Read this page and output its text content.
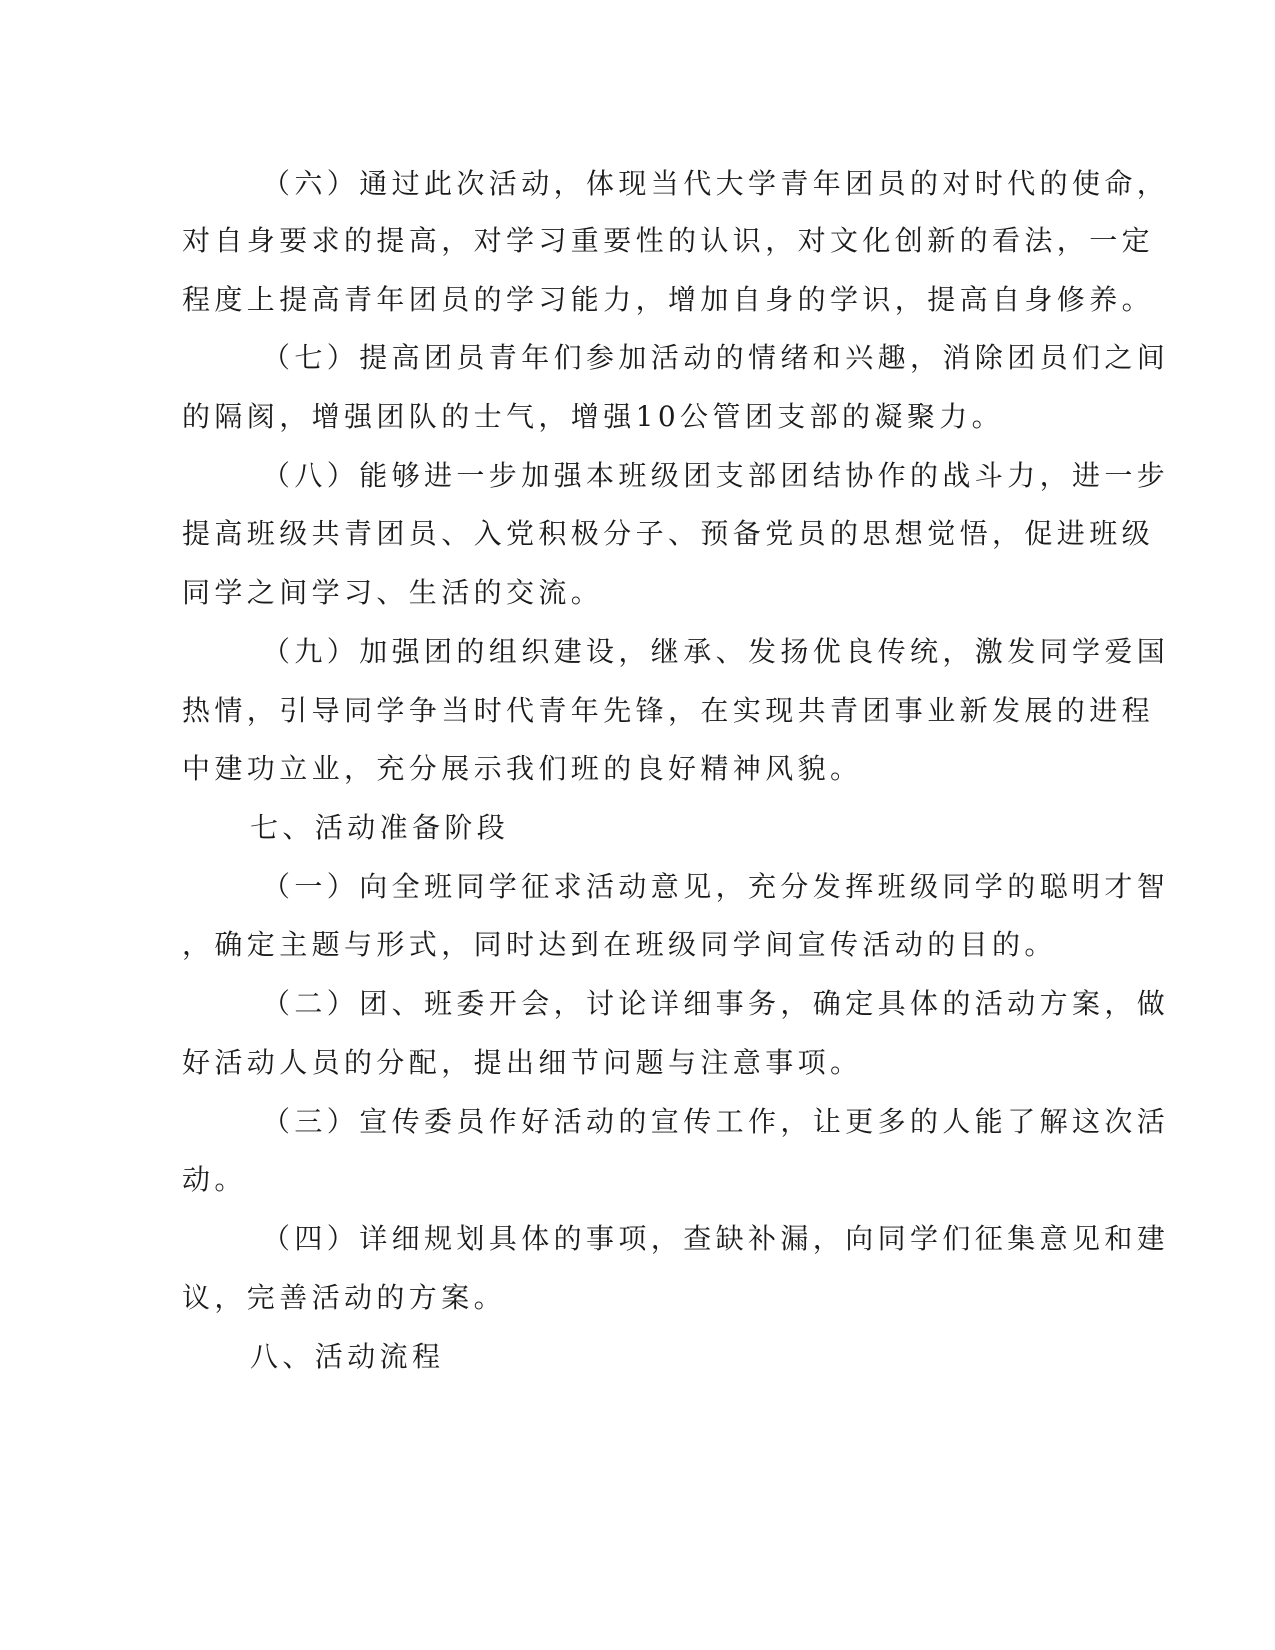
（六）通过此次活动，体现当代大学青年团员的对时代的使命，
对自身要求的提高，对学习重要性的认识，对文化创新的看法，一定
程度上提高青年团员的学习能力，增加自身的学识，提高自身修养。
（七）提高团员青年们参加活动的情绪和兴趣，消除团员们之间
的隔阂，增强团队的士气，增强10公管团支部的凝聚力。
（八）能够进一步加强本班级团支部团结协作的战斗力，进一步
提高班级共青团员、入党积极分子、预备党员的思想觉悟，促进班级
同学之间学习、生活的交流。
（九）加强团的组织建设，继承、发扬优良传统，激发同学爱国
热情，引导同学争当时代青年先锋，在实现共青团事业新发展的进程
中建功立业，充分展示我们班的良好精神风貌。
七、活动准备阶段
（一）向全班同学征求活动意见，充分发挥班级同学的聪明才智
，确定主题与形式，同时达到在班级同学间宣传活动的目的。
（二）团、班委开会，讨论详细事务，确定具体的活动方案，做
好活动人员的分配，提出细节问题与注意事项。
（三）宣传委员作好活动的宣传工作，让更多的人能了解这次活
动。
（四）详细规划具体的事项，查缺补漏，向同学们征集意见和建
议，完善活动的方案。
八、活动流程
